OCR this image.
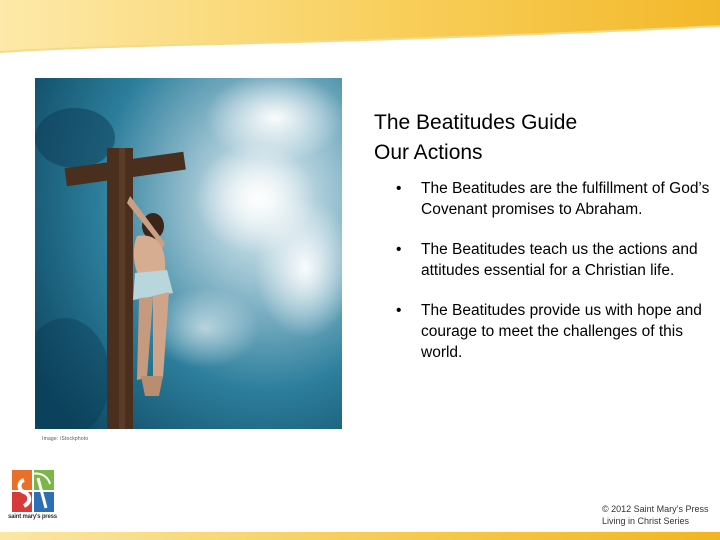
Image: iStockphoto
The Beatitudes Guide
Our Actions
• The Beatitudes are the fulfillment of God’s Covenant promises to Abraham.
• The Beatitudes teach us the actions and attitudes essential for a Christian life.
• The Beatitudes provide us with hope and courage to meet the challenges of this world.
saint mary's press
© 2012 Saint Mary’s Press
Living in Christ Series
